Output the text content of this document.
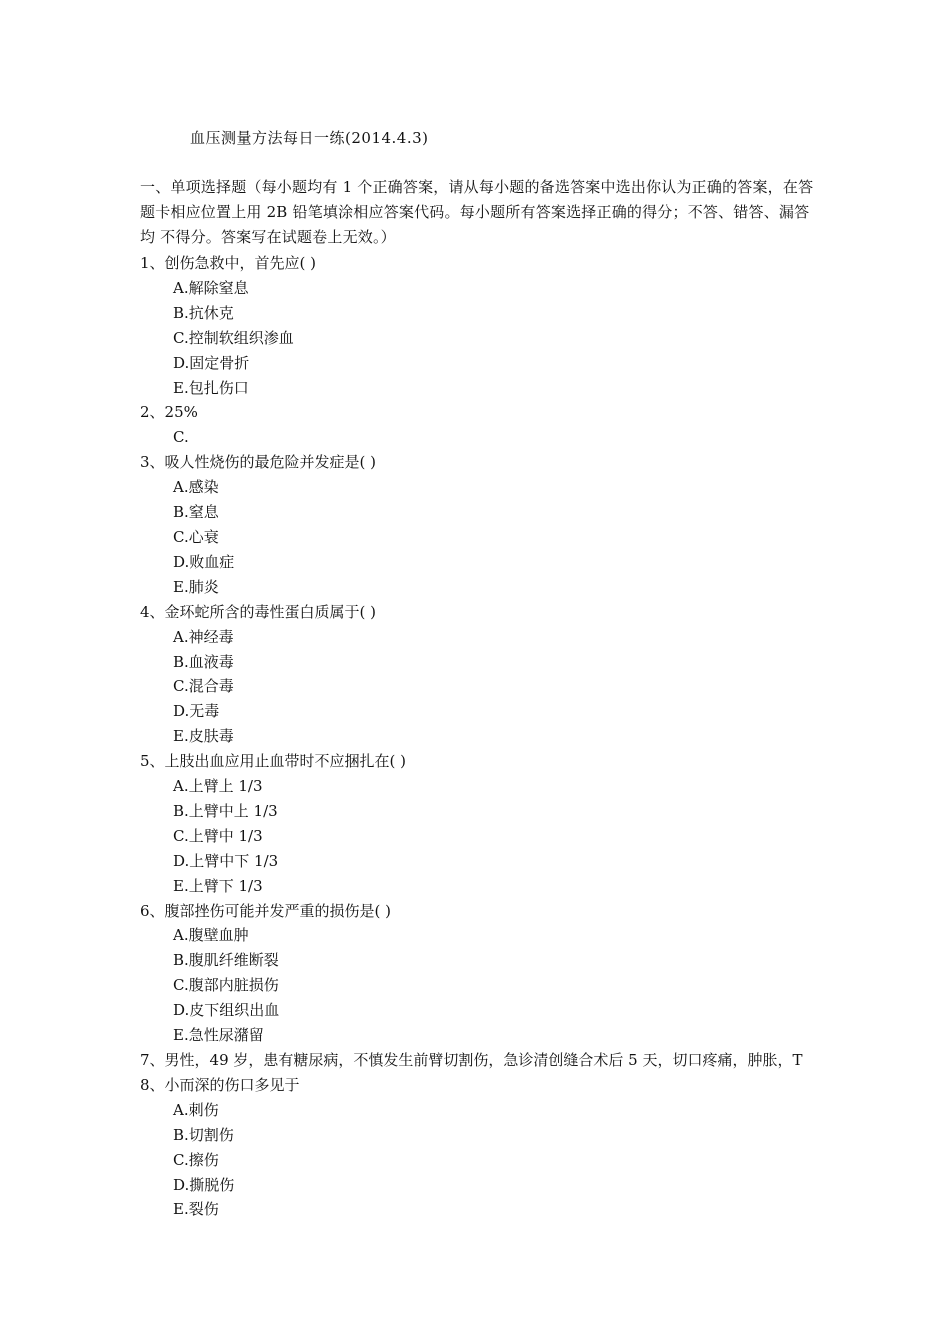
血压测量方法每日一练(2014.4.3)
一、单项选择题（每小题均有 1 个正确答案，请从每小题的备选答案中选出你认为正确的答案，在答题卡相应位置上用 2B 铅笔填涂相应答案代码。每小题所有答案选择正确的得分；不答、错答、漏答均 不得分。答案写在试题卷上无效。）
1、创伤急救中，首先应( )
A.解除窒息
B.抗休克
C.控制软组织渗血
D.固定骨折
E.包扎伤口
2、25%
C.
3、吸人性烧伤的最危险并发症是( )
A.感染
B.窒息
C.心衰
D.败血症
E.肺炎
4、金环蛇所含的毒性蛋白质属于( )
A.神经毒
B.血液毒
C.混合毒
D.无毒
E.皮肤毒
5、上肢出血应用止血带时不应捆扎在( )
A.上臂上 1/3
B.上臂中上 1/3
C.上臂中 1/3
D.上臂中下 1/3
E.上臂下 1/3
6、腹部挫伤可能并发严重的损伤是( )
A.腹壁血肿
B.腹肌纤维断裂
C.腹部内脏损伤
D.皮下组织出血
E.急性尿潴留
7、男性，49 岁，患有糖尿病，不慎发生前臂切割伤，急诊清创缝合术后 5 天，切口疼痛，肿胀，T
8、小而深的伤口多见于
A.刺伤
B.切割伤
C.擦伤
D.撕脱伤
E.裂伤
